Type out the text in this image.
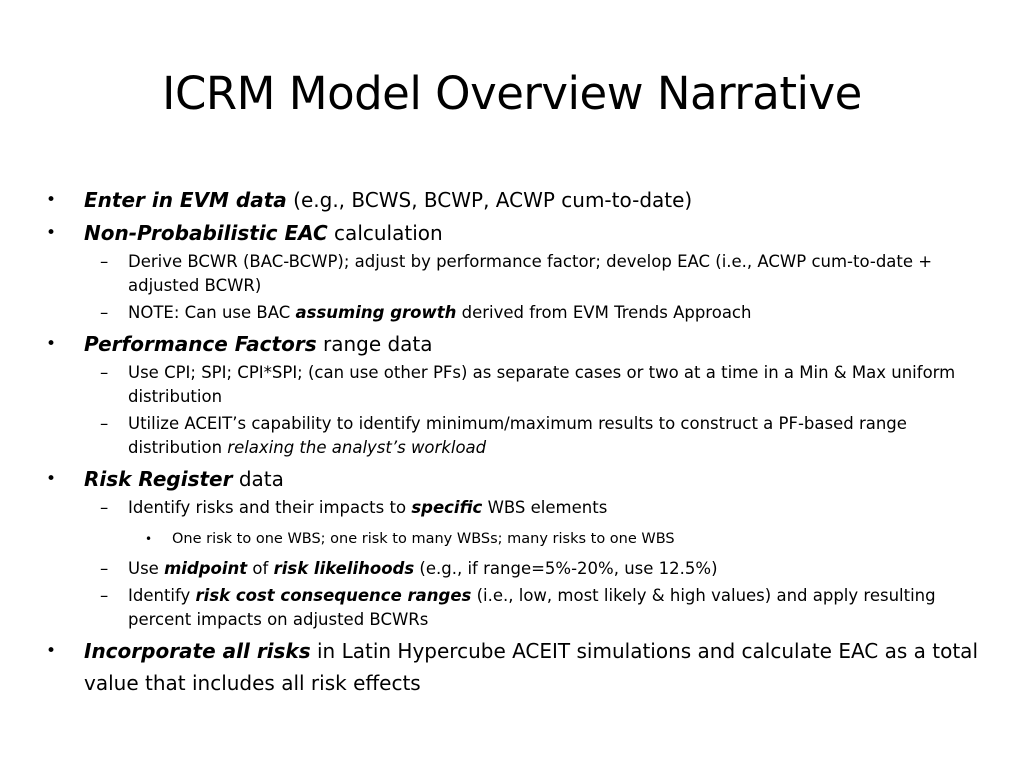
ICRM Model Overview Narrative
•	Enter in EVM data (e.g., BCWS, BCWP, ACWP cum-to-date)
•	Non-Probabilistic EAC calculation
–	Derive BCWR (BAC-BCWP); adjust by performance factor; develop EAC (i.e., ACWP cum-to-date + adjusted BCWR)
–	NOTE: Can use BAC assuming growth derived from EVM Trends Approach
•	Performance Factors range data
–	Use CPI; SPI; CPI*SPI; (can use other PFs) as separate cases or two at a time in a Min & Max uniform distribution
–	Utilize ACEIT’s capability to identify minimum/maximum results to construct a PF-based range distribution relaxing the analyst’s workload
•	Risk Register data
–	Identify risks and their impacts to specific WBS elements
•	One risk to one WBS; one risk to many WBSs; many risks to one WBS
–	Use midpoint of risk likelihoods (e.g., if range=5%-20%, use 12.5%)
–	Identify risk cost consequence ranges (i.e., low, most likely & high values) and apply resulting percent impacts on adjusted BCWRs
•	Incorporate all risks in Latin Hypercube ACEIT simulations and calculate EAC as a total value that includes all risk effects
